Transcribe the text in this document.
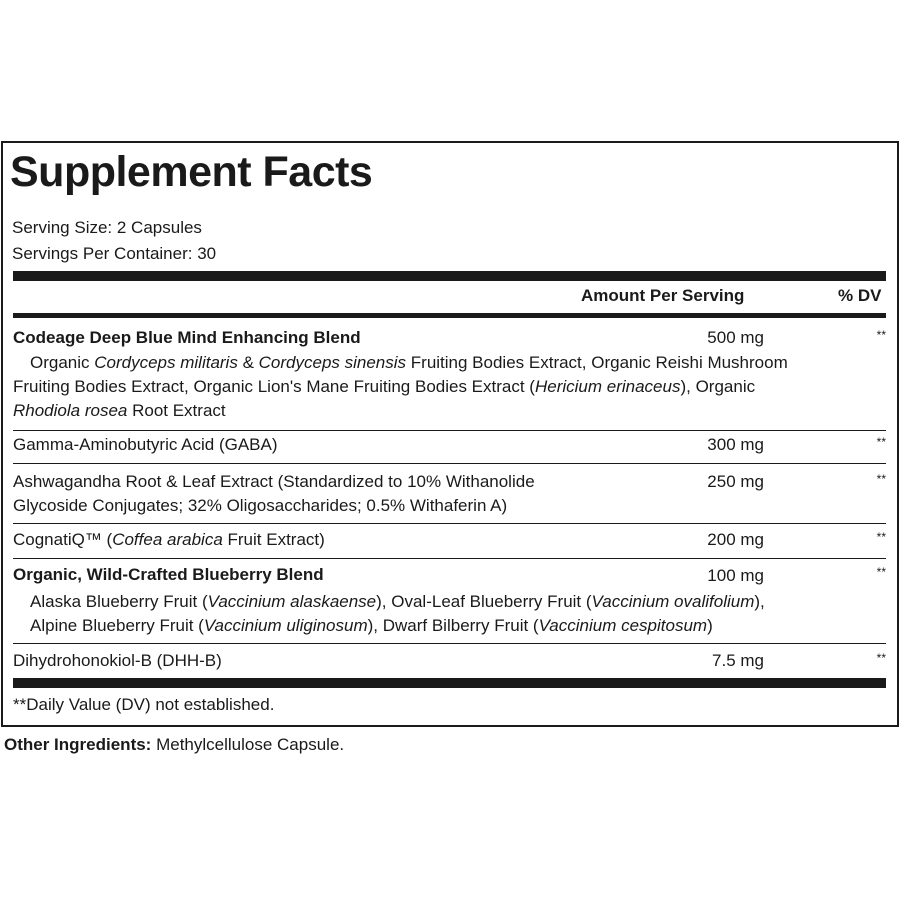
Supplement Facts
Serving Size: 2 Capsules
Servings Per Container: 30
Amount Per Serving	% DV
Codeage Deep Blue Mind Enhancing Blend	500 mg	**
Organic Cordyceps militaris & Cordyceps sinensis Fruiting Bodies Extract, Organic Reishi Mushroom
Fruiting Bodies Extract, Organic Lion's Mane Fruiting Bodies Extract (Hericium erinaceus), Organic
Rhodiola rosea Root Extract
Gamma-Aminobutyric Acid (GABA)	300 mg	**
Ashwagandha Root & Leaf Extract (Standardized to 10% Withanolide
Glycoside Conjugates; 32% Oligosaccharides; 0.5% Withaferin A)
250 mg	**
CognatiQ™ (Coffea arabica Fruit Extract)	200 mg	**
Organic, Wild-Crafted Blueberry Blend	100 mg	**
Alaska Blueberry Fruit (Vaccinium alaskaense), Oval-Leaf Blueberry Fruit (Vaccinium ovalifolium),
Alpine Blueberry Fruit (Vaccinium uliginosum), Dwarf Bilberry Fruit (Vaccinium cespitosum)
Dihydrohonokiol-B (DHH-B)	7.5 mg	**
**Daily Value (DV) not established.
Other Ingredients: Methylcellulose Capsule.
